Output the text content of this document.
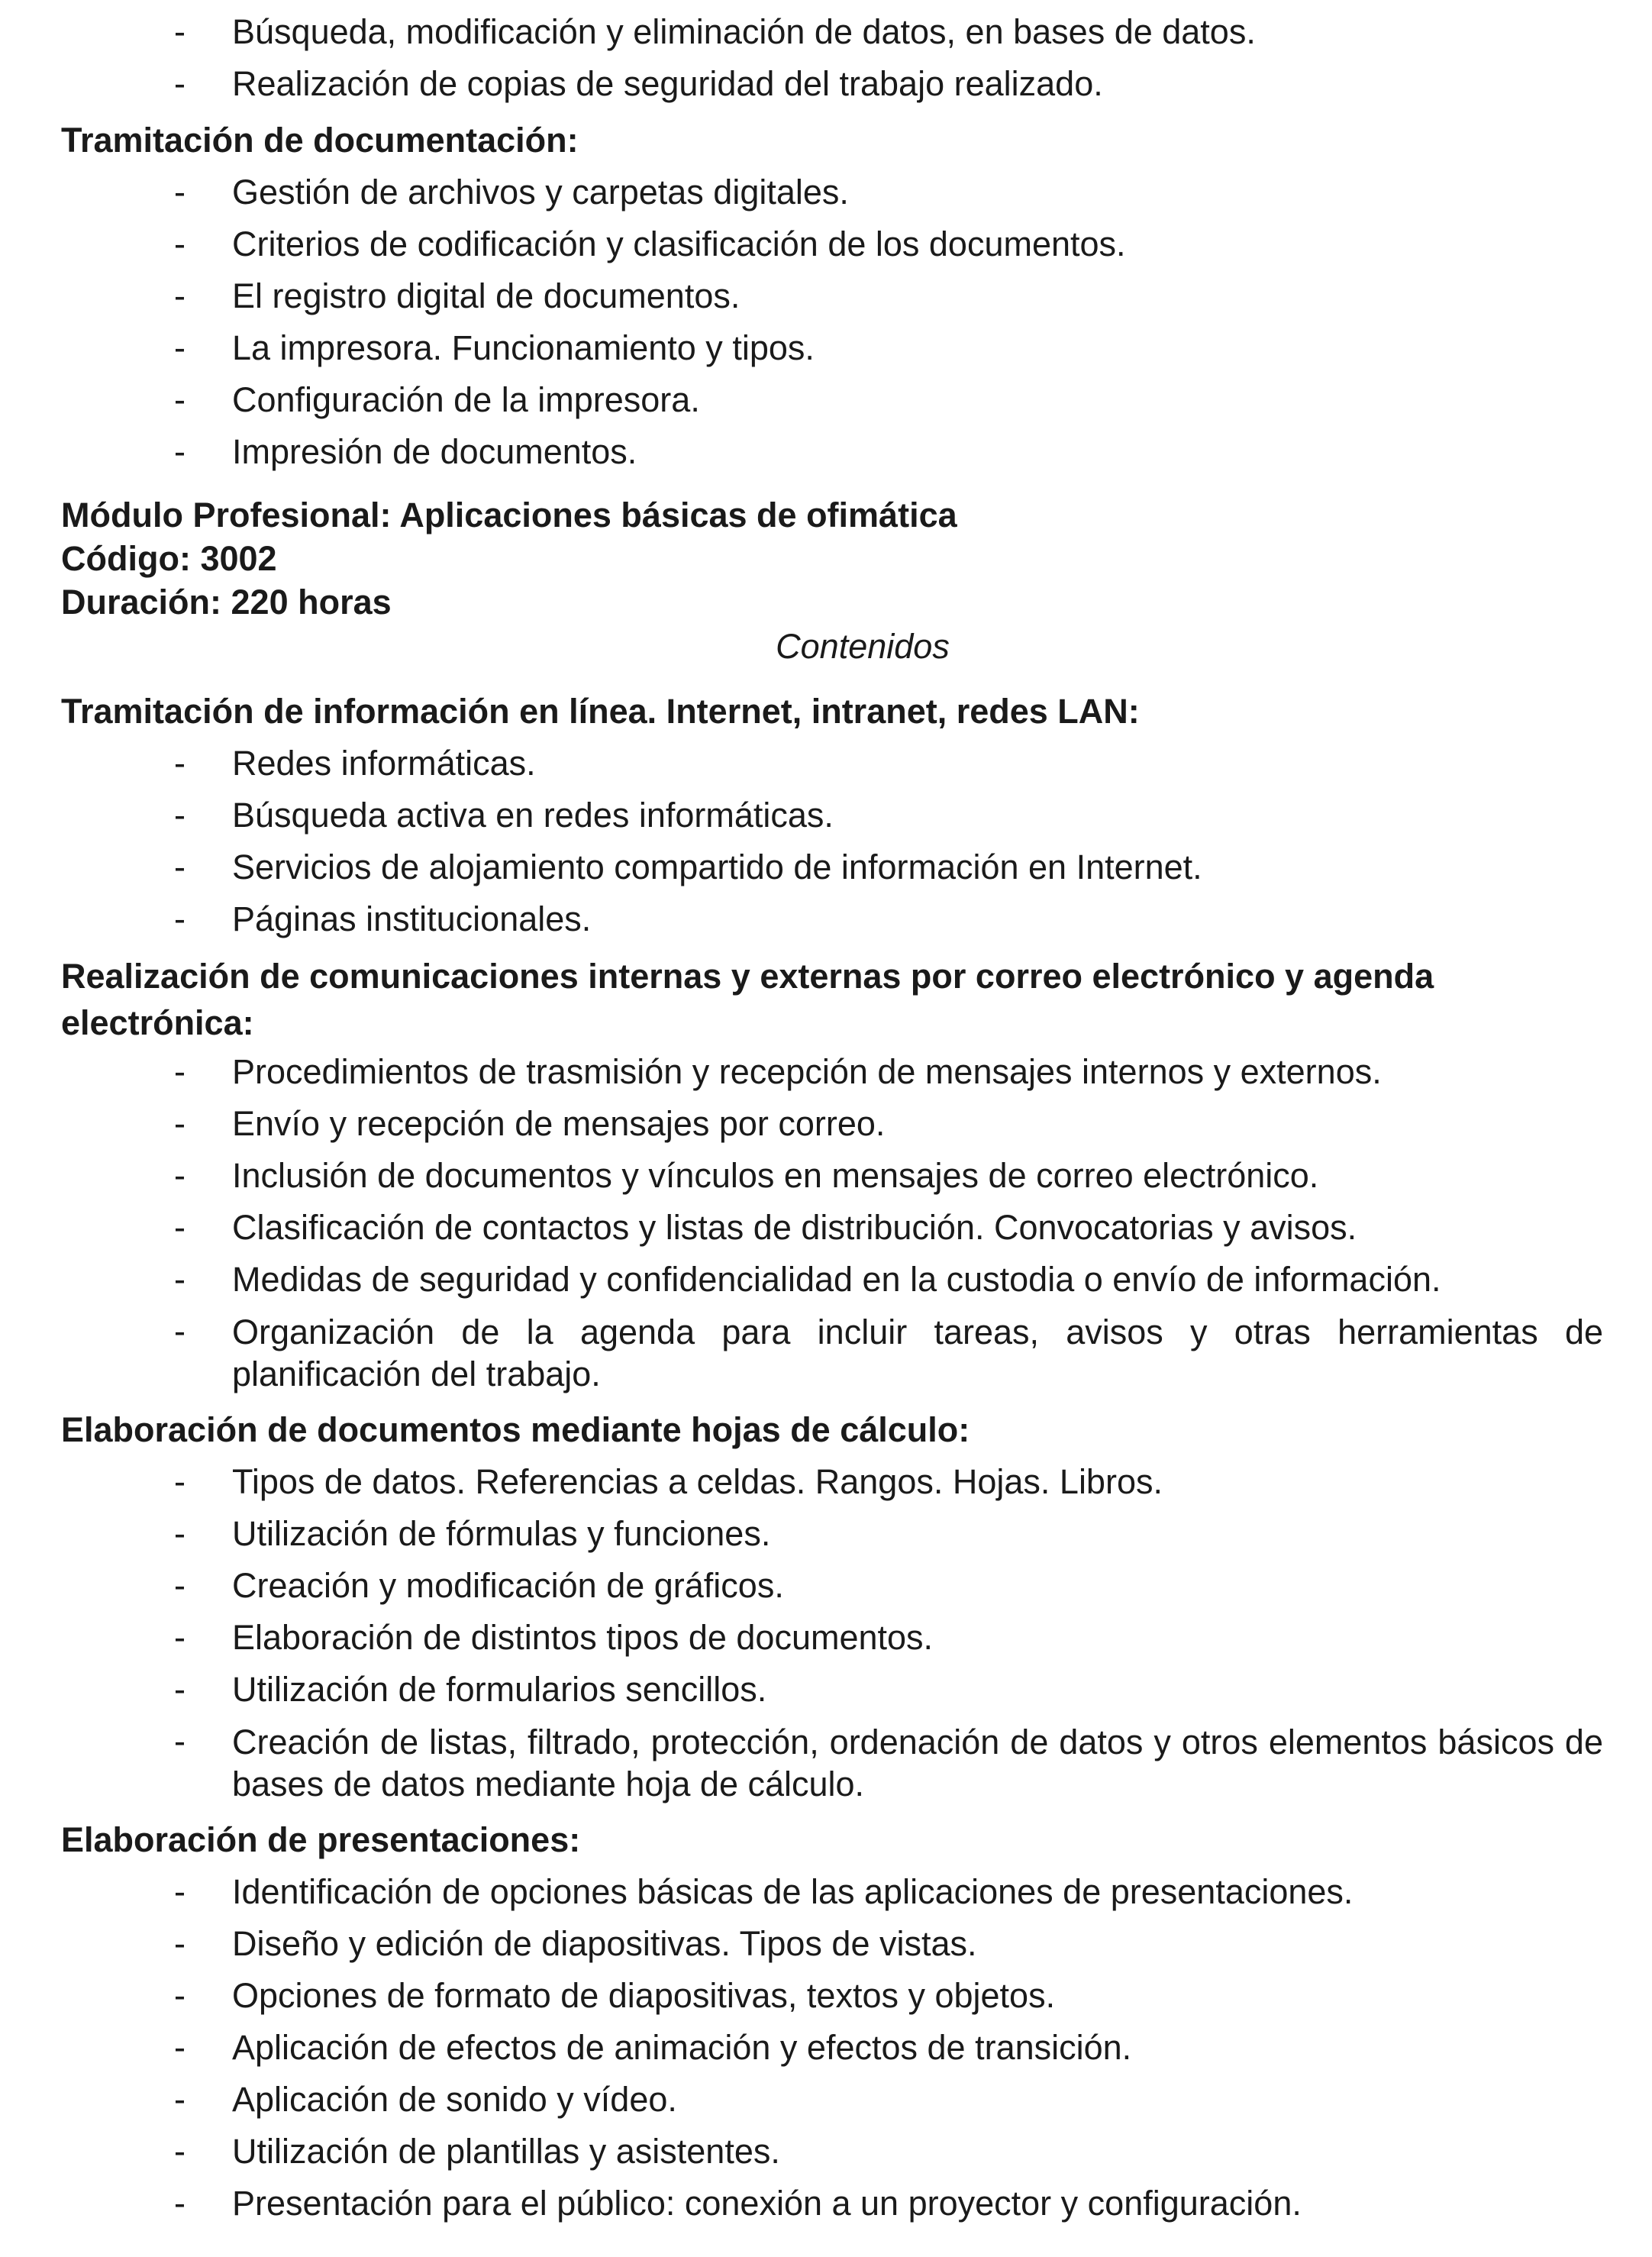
- Búsqueda, modificación y eliminación de datos, en bases de datos.
- Realización de copias de seguridad del trabajo realizado.
Tramitación de documentación:
- Gestión de archivos y carpetas digitales.
- Criterios de codificación y clasificación de los documentos.
- El registro digital de documentos.
- La impresora. Funcionamiento y tipos.
- Configuración de la impresora.
- Impresión de documentos.
Módulo Profesional: Aplicaciones básicas de ofimática
Código: 3002
Duración: 220 horas
Contenidos
Tramitación de información en línea. Internet, intranet, redes LAN:
- Redes informáticas.
- Búsqueda activa en redes informáticas.
- Servicios de alojamiento compartido de información en Internet.
- Páginas institucionales.
Realización de comunicaciones internas y externas por correo electrónico y agenda electrónica:
- Procedimientos de trasmisión y recepción de mensajes internos y externos.
- Envío y recepción de mensajes por correo.
- Inclusión de documentos y vínculos en mensajes de correo electrónico.
- Clasificación de contactos y listas de distribución. Convocatorias y avisos.
- Medidas de seguridad y confidencialidad en la custodia o envío de información.
- Organización de la agenda para incluir tareas, avisos y otras herramientas de planificación del trabajo.
Elaboración de documentos mediante hojas de cálculo:
- Tipos de datos. Referencias a celdas. Rangos. Hojas. Libros.
- Utilización de fórmulas y funciones.
- Creación y modificación de gráficos.
- Elaboración de distintos tipos de documentos.
- Utilización de formularios sencillos.
- Creación de listas, filtrado, protección, ordenación de datos y otros elementos básicos de bases de datos mediante hoja de cálculo.
Elaboración de presentaciones:
- Identificación de opciones básicas de las aplicaciones de presentaciones.
- Diseño y edición de diapositivas. Tipos de vistas.
- Opciones de formato de diapositivas, textos y objetos.
- Aplicación de efectos de animación y efectos de transición.
- Aplicación de sonido y vídeo.
- Utilización de plantillas y asistentes.
- Presentación para el público: conexión a un proyector y configuración.
